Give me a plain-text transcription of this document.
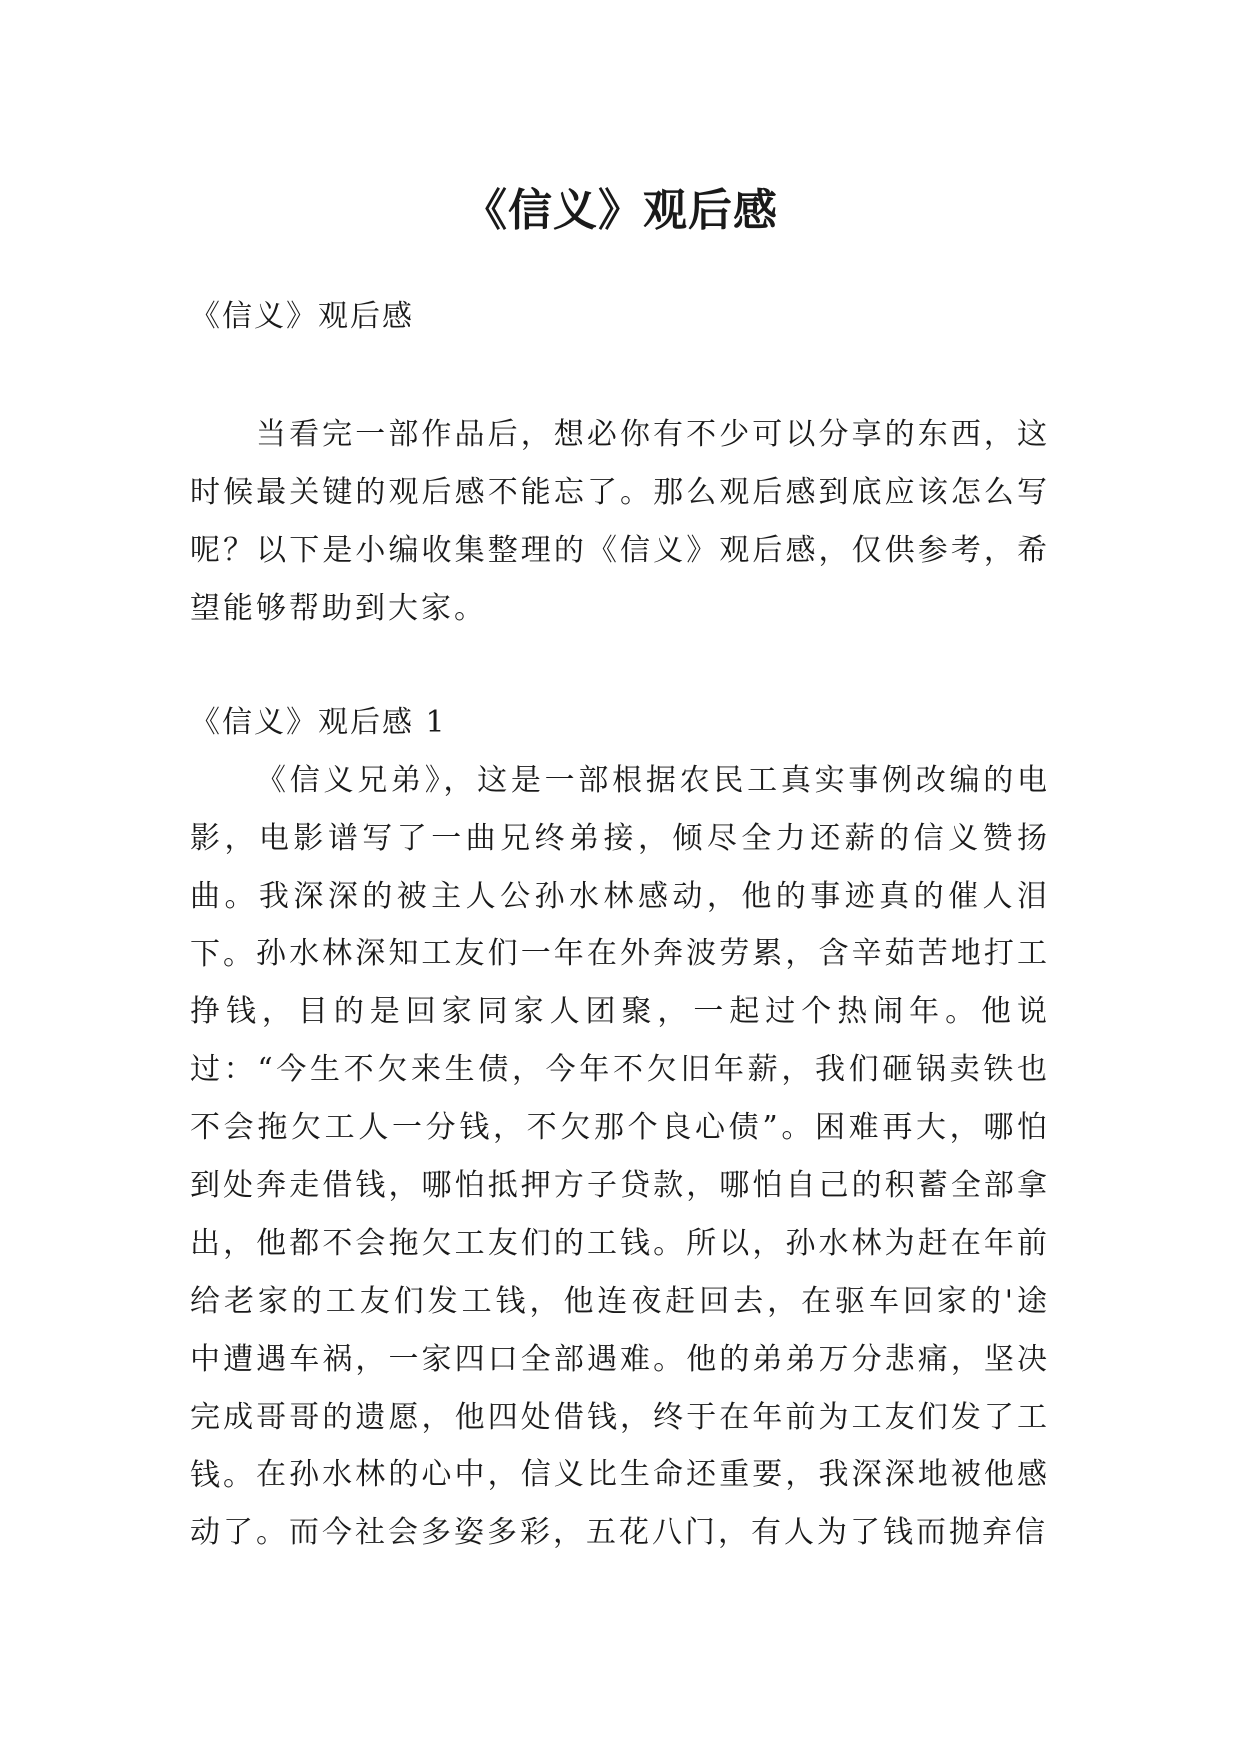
《信义》观后感

《信义》观后感

当看完一部作品后，想必你有不少可以分享的东西，这时候最关键的观后感不能忘了。那么观后感到底应该怎么写呢？以下是小编收集整理的《信义》观后感，仅供参考，希望能够帮助到大家。

《信义》观后感 1

《信义兄弟》，这是一部根据农民工真实事例改编的电影，电影谱写了一曲兄终弟接，倾尽全力还薪的信义赞扬曲。我深深的被主人公孙水林感动，他的事迹真的催人泪下。 孙水林深知工友们一年在外奔波劳累，含辛茹苦地打工挣钱，目的是回家同家人团聚，一起过个热闹年。他说过：“今生不欠来生债，今年不欠旧年薪，我们砸锅卖铁也不会拖欠工人一分钱，不欠那个良心债”。困难再大，哪怕到处奔走借钱，哪怕抵押方子贷款，哪怕自己的积蓄全部拿出，他都不会拖欠工友们的工钱。所以，孙水林为赶在年前给老家的工友们发工钱，他连夜赶回去，在驱车回家的'途中遭遇车祸，一家四口全部遇难。他的弟弟万分悲痛，坚决完成哥哥的遗愿，他四处借钱，终于在年前为工友们发了工钱。 在孙水林的心中，信义比生命还重要，我深深地被他感动了。而今社会多姿多彩，五花八门，有人为了钱而抛弃信
